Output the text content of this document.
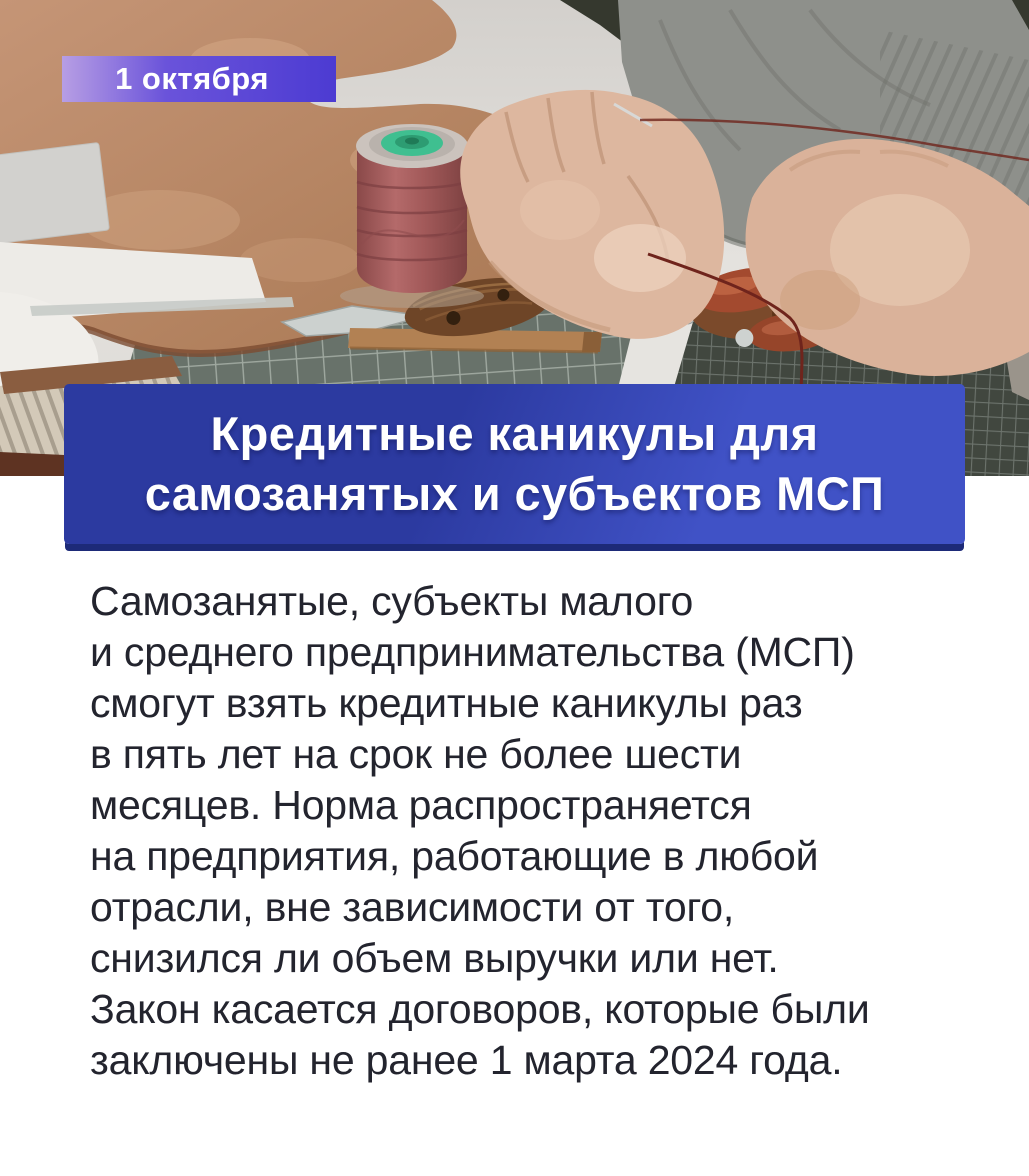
1 октября
Кредитные каникулы для
самозанятых и субъектов МСП
Самозанятые, субъекты малого
и среднего предпринимательства (МСП)
смогут взять кредитные каникулы раз
в пять лет на срок не более шести
месяцев. Норма распространяется
на предприятия, работающие в любой
отрасли, вне зависимости от того,
снизился ли объем выручки или нет.
Закон касается договоров, которые были
заключены не ранее 1 марта 2024 года.
